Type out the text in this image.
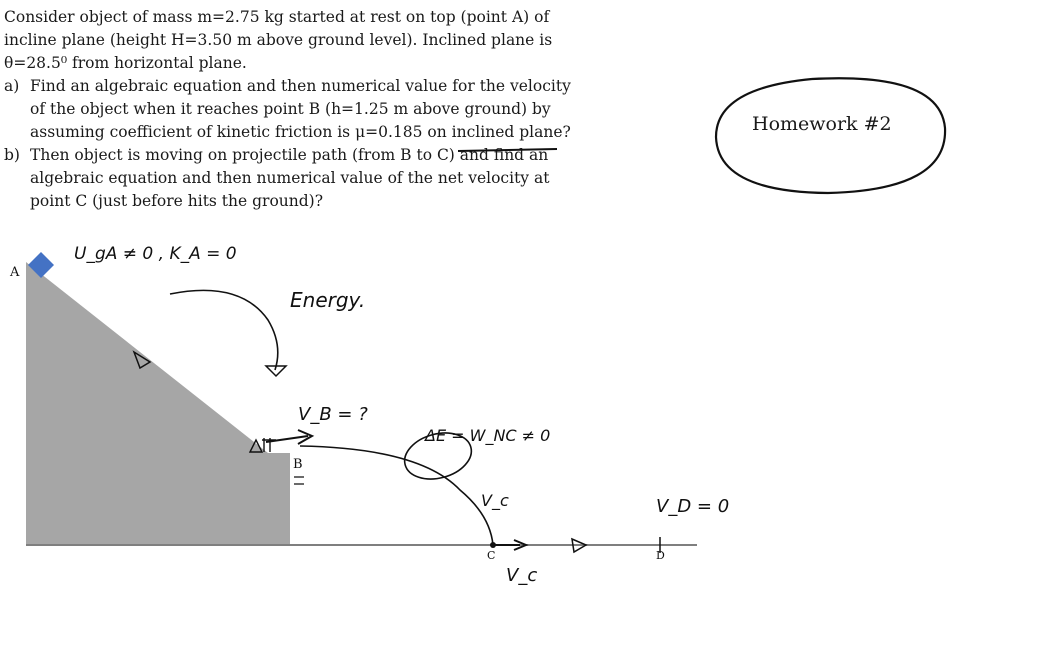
Consider object of mass m=2.75 kg started at rest on top (point A) of incline plane (height H=3.50 m above ground level). Inclined plane is θ=28.5⁰ from horizontal plane.

a) Find an algebraic equation and then numerical value for the velocity of the object when it reaches point B (h=1.25 m above ground) by assuming coefficient of kinetic friction is μ=0.185 on inclined plane?
b) Then object is moving on projectile path (from B to C) and find an algebraic equation and then numerical value of the net velocity at point C (just before hits the ground)?
A
B
C	D
Homework #2
U_gA ≠ 0 , K_A = 0
Energy.
V_B = ?
ΔE = W_NC ≠ 0
V_c
V_c
V_D = 0
